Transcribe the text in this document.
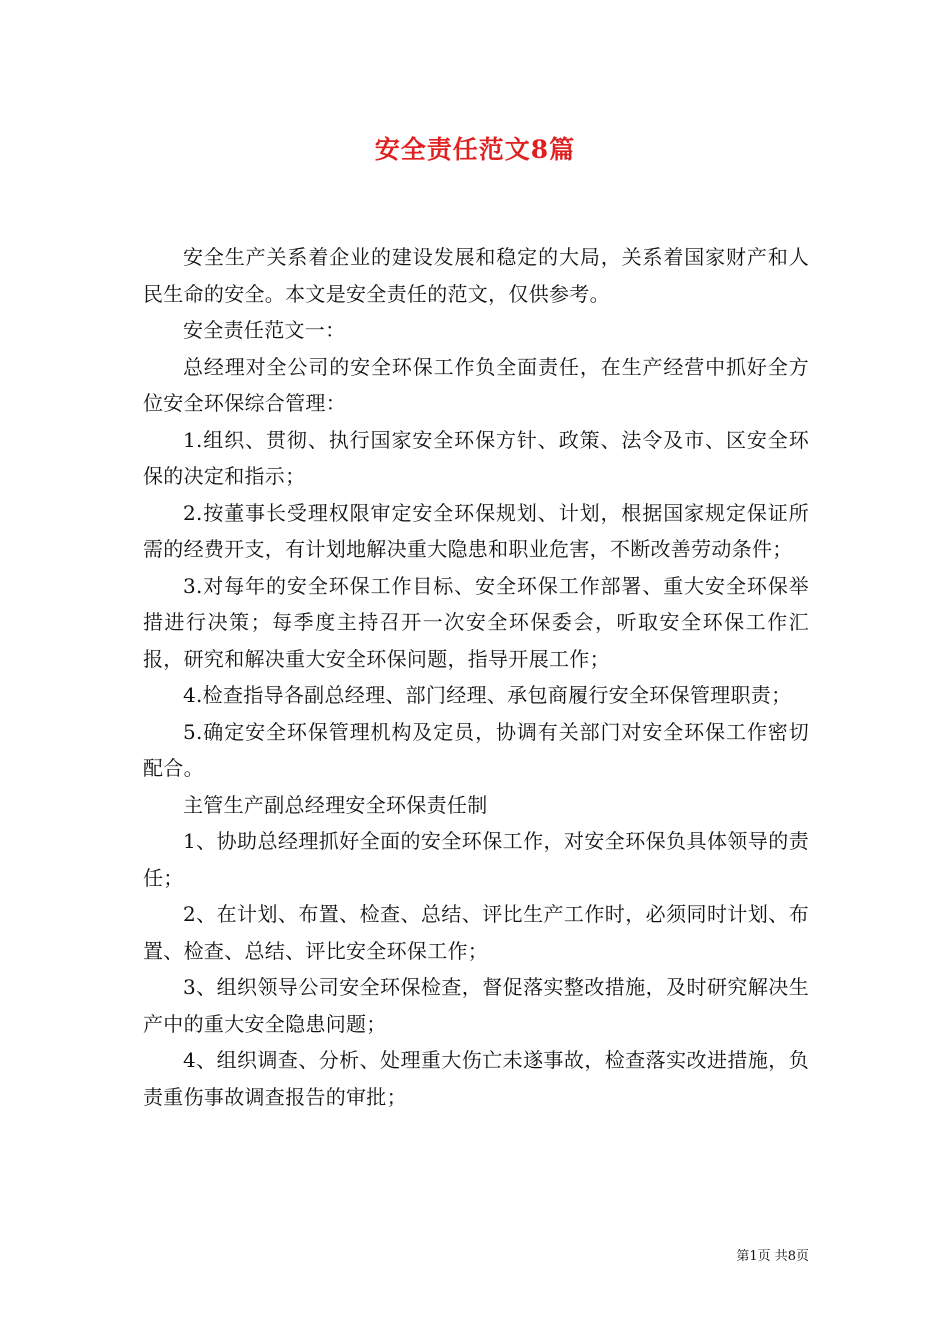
安全责任范文8篇

安全生产关系着企业的建设发展和稳定的大局，关系着国家财产和人民生命的安全。本文是安全责任的范文，仅供参考。

安全责任范文一：

总经理对全公司的安全环保工作负全面责任，在生产经营中抓好全方位安全环保综合管理：

1.组织、贯彻、执行国家安全环保方针、政策、法令及市、区安全环保的决定和指示；

2.按董事长受理权限审定安全环保规划、计划，根据国家规定保证所需的经费开支，有计划地解决重大隐患和职业危害，不断改善劳动条件；

3.对每年的安全环保工作目标、安全环保工作部署、重大安全环保举措进行决策；每季度主持召开一次安全环保委会，听取安全环保工作汇报，研究和解决重大安全环保问题，指导开展工作；

4.检查指导各副总经理、部门经理、承包商履行安全环保管理职责；

5.确定安全环保管理机构及定员，协调有关部门对安全环保工作密切配合。

主管生产副总经理安全环保责任制

1、协助总经理抓好全面的安全环保工作，对安全环保负具体领导的责任；

2、在计划、布置、检查、总结、评比生产工作时，必须同时计划、布置、检查、总结、评比安全环保工作；

3、组织领导公司安全环保检查，督促落实整改措施，及时研究解决生产中的重大安全隐患问题；

4、组织调查、分析、处理重大伤亡未遂事故，检查落实改进措施，负责重伤事故调查报告的审批；

第1页 共8页
